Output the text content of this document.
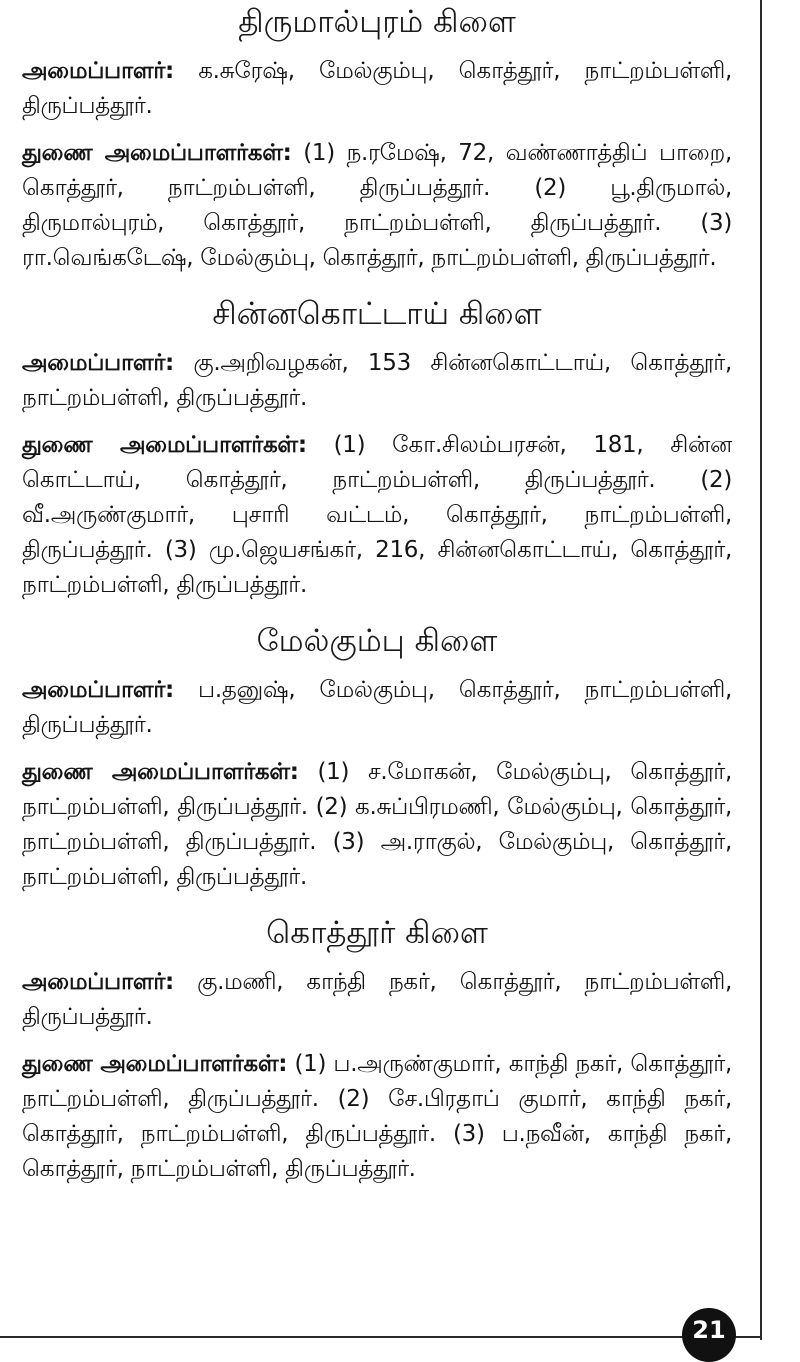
திருமால்புரம் கிளை

அமைப்பாளர்: க.சுரேஷ், மேல்கும்பு, கொத்தூர், நாட்றம்பள்ளி, திருப்பத்தூர்.

துணை அமைப்பாளர்கள்: (1) ந.ரமேஷ், 72, வண்ணாத்திப் பாறை, கொத்தூர், நாட்றம்பள்ளி, திருப்பத்தூர். (2) பூ.திருமால், திருமால்புரம், கொத்தூர், நாட்றம்பள்ளி, திருப்பத்தூர். (3) ரா.வெங்கடேஷ், மேல்கும்பு, கொத்தூர், நாட்றம்பள்ளி, திருப்பத்தூர்.

சின்னகொட்டாய் கிளை

அமைப்பாளர்: கு.அறிவழகன், 153 சின்னகொட்டாய், கொத்தூர், நாட்றம்பள்ளி, திருப்பத்தூர்.

துணை அமைப்பாளர்கள்: (1) கோ.சிலம்பரசன், 181, சின்ன கொட்டாய், கொத்தூர், நாட்றம்பள்ளி, திருப்பத்தூர். (2) வீ.அருண்குமார், புசாரி வட்டம், கொத்தூர், நாட்றம்பள்ளி, திருப்பத்தூர். (3) மு.ஜெயசங்கர், 216, சின்னகொட்டாய், கொத்தூர், நாட்றம்பள்ளி, திருப்பத்தூர்.

மேல்கும்பு கிளை

அமைப்பாளர்: ப.தனுஷ், மேல்கும்பு, கொத்தூர், நாட்றம்பள்ளி, திருப்பத்தூர்.

துணை அமைப்பாளர்கள்: (1) ச.மோகன், மேல்கும்பு, கொத்தூர், நாட்றம்பள்ளி, திருப்பத்தூர். (2) க.சுப்பிரமணி, மேல்கும்பு, கொத்தூர், நாட்றம்பள்ளி, திருப்பத்தூர். (3) அ.ராகுல், மேல்கும்பு, கொத்தூர், நாட்றம்பள்ளி, திருப்பத்தூர்.

கொத்தூர் கிளை

அமைப்பாளர்: கு.மணி, காந்தி நகர், கொத்தூர், நாட்றம்பள்ளி, திருப்பத்தூர்.

துணை அமைப்பாளர்கள்: (1) ப.அருண்குமார், காந்தி நகர், கொத்தூர், நாட்றம்பள்ளி, திருப்பத்தூர். (2) சே.பிரதாப் குமார், காந்தி நகர், கொத்தூர், நாட்றம்பள்ளி, திருப்பத்தூர். (3) ப.நவீன், காந்தி நகர், கொத்தூர், நாட்றம்பள்ளி, திருப்பத்தூர்.

21
